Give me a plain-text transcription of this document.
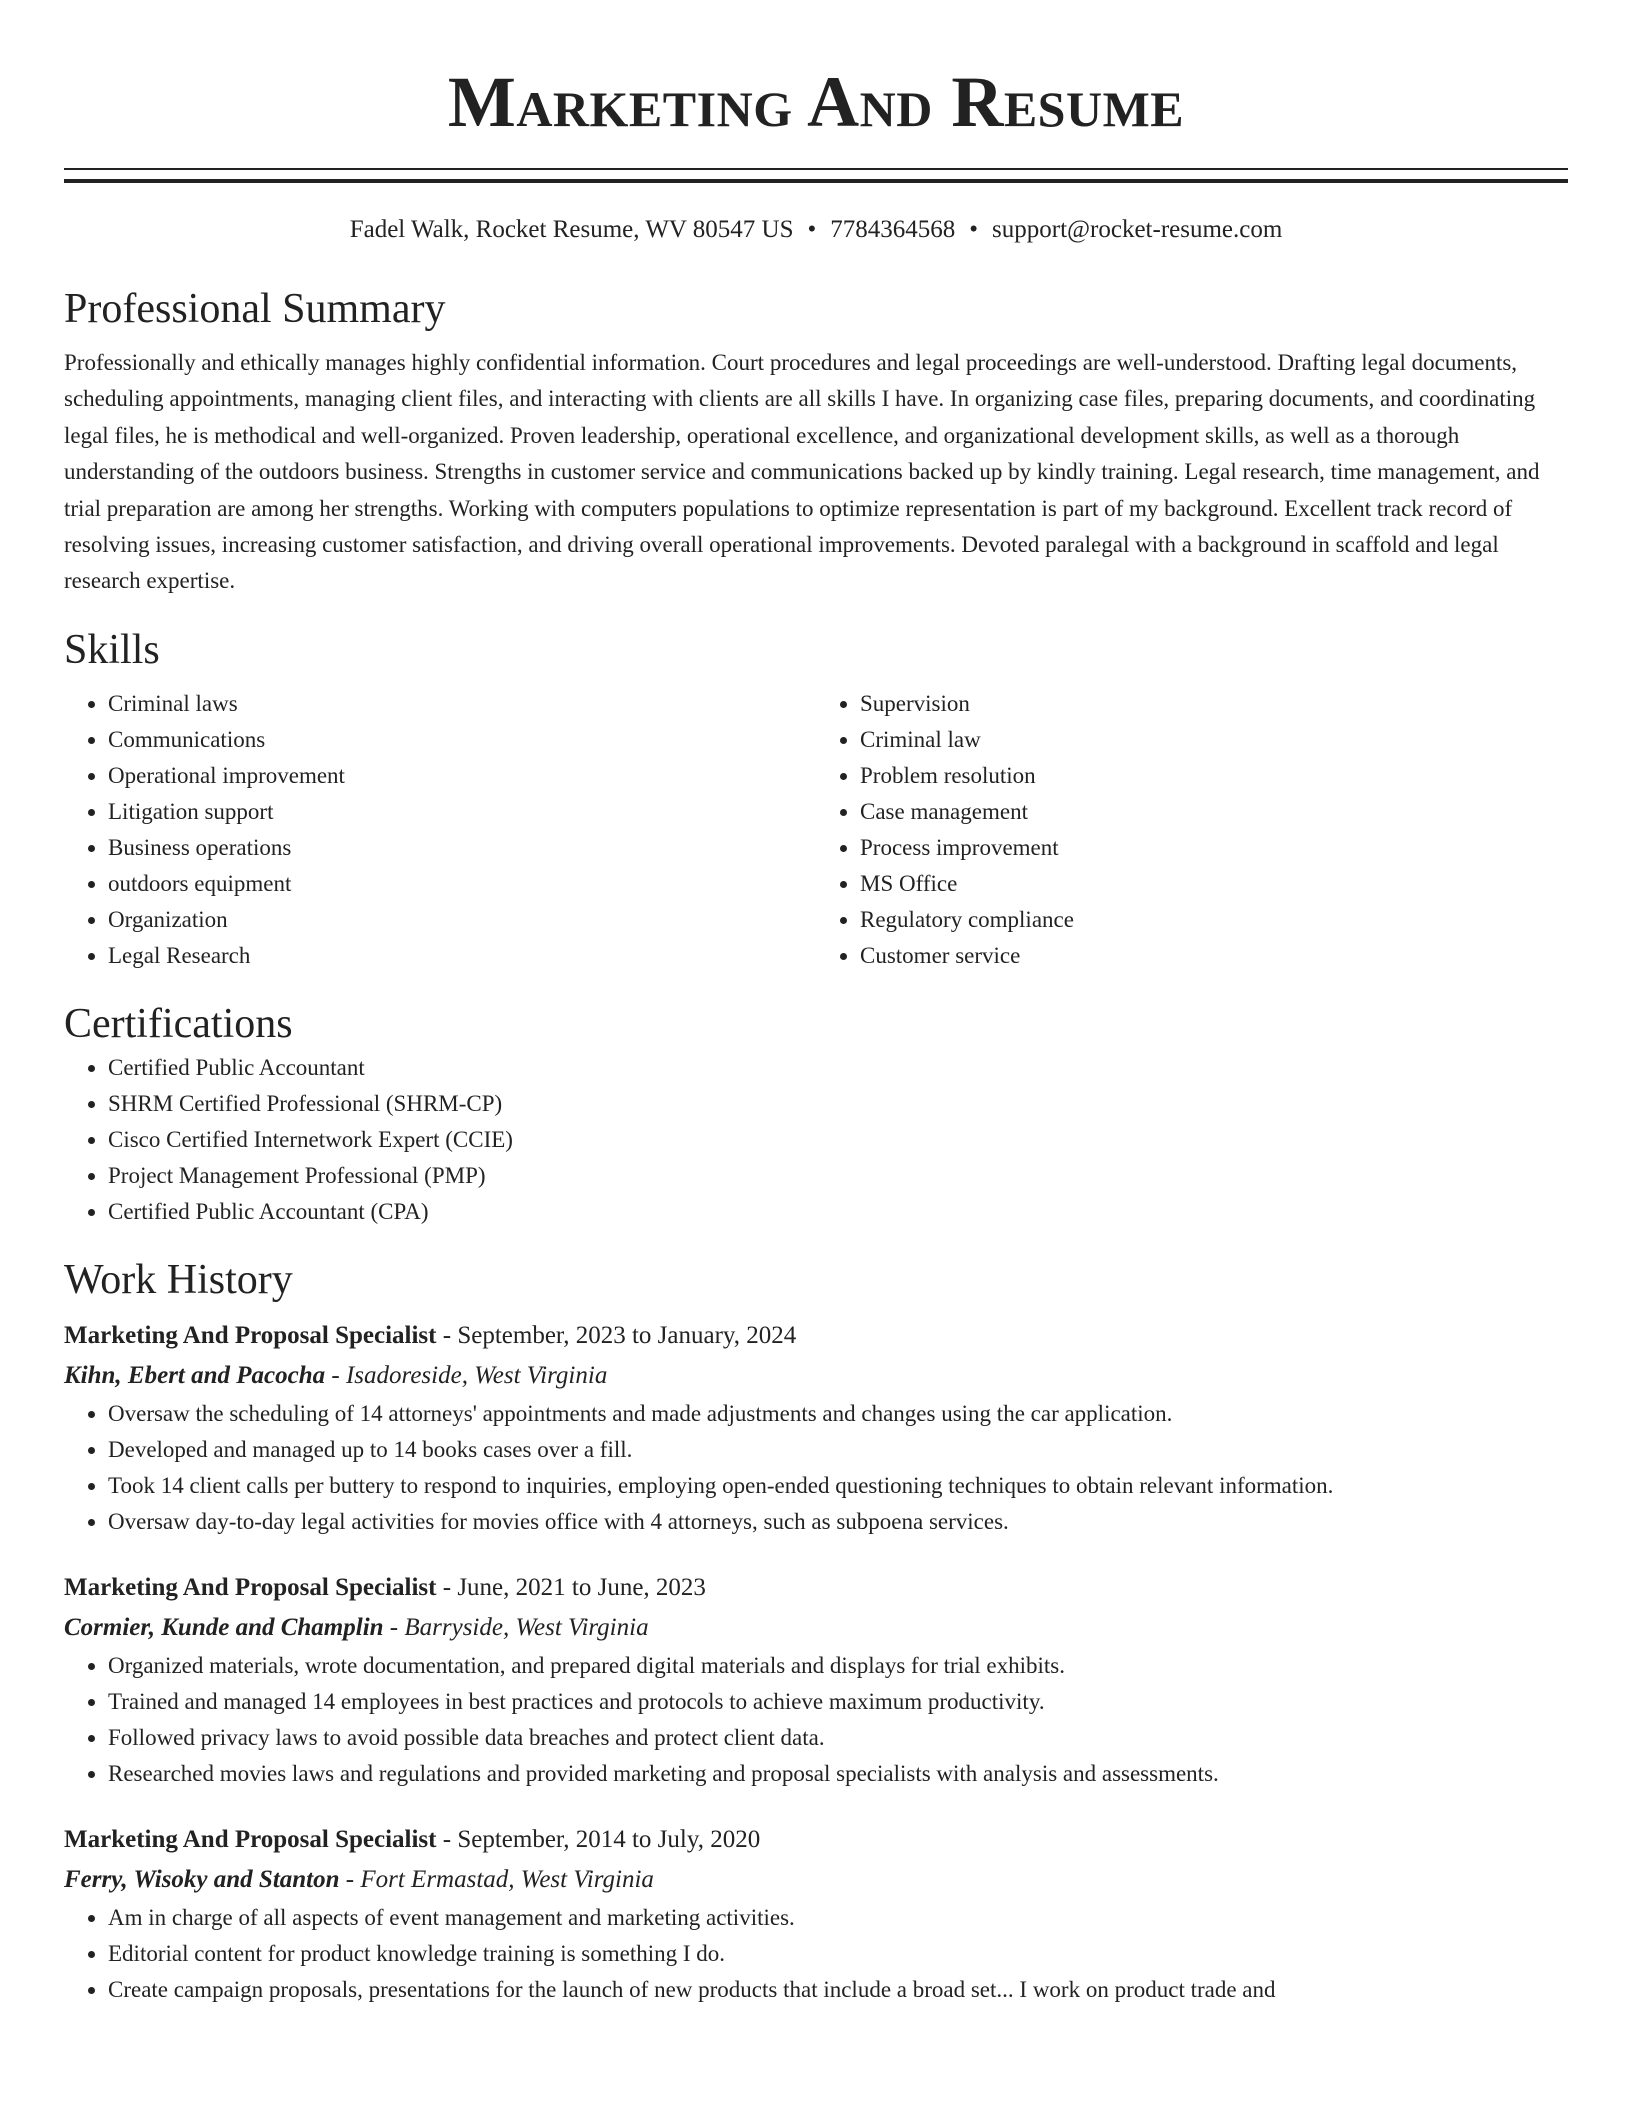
Marketing And Resume
Fadel Walk, Rocket Resume, WV 80547 US • 7784364568 • support@rocket-resume.com
Professional Summary

Professionally and ethically manages highly confidential information. Court procedures and legal proceedings are well-understood. Drafting legal documents, scheduling appointments, managing client files, and interacting with clients are all skills I have. In organizing case files, preparing documents, and coordinating legal files, he is methodical and well-organized. Proven leadership, operational excellence, and organizational development skills, as well as a thorough understanding of the outdoors business. Strengths in customer service and communications backed up by kindly training. Legal research, time management, and trial preparation are among her strengths. Working with computers populations to optimize representation is part of my background. Excellent track record of resolving issues, increasing customer satisfaction, and driving overall operational improvements. Devoted paralegal with a background in scaffold and legal research expertise.

Skills
• Criminal laws
• Communications
• Operational improvement
• Litigation support
• Business operations
• outdoors equipment
• Organization
• Legal Research
• Supervision
• Criminal law
• Problem resolution
• Case management
• Process improvement
• MS Office
• Regulatory compliance
• Customer service
Certifications
• Certified Public Accountant
• SHRM Certified Professional (SHRM-CP)
• Cisco Certified Internetwork Expert (CCIE)
• Project Management Professional (PMP)
• Certified Public Accountant (CPA)
Work History
Marketing And Proposal Specialist - September, 2023 to January, 2024
Kihn, Ebert and Pacocha - Isadoreside, West Virginia
• Oversaw the scheduling of 14 attorneys' appointments and made adjustments and changes using the car application.
• Developed and managed up to 14 books cases over a fill.
• Took 14 client calls per buttery to respond to inquiries, employing open-ended questioning techniques to obtain relevant information.
• Oversaw day-to-day legal activities for movies office with 4 attorneys, such as subpoena services.
Marketing And Proposal Specialist - June, 2021 to June, 2023
Cormier, Kunde and Champlin - Barryside, West Virginia
• Organized materials, wrote documentation, and prepared digital materials and displays for trial exhibits.
• Trained and managed 14 employees in best practices and protocols to achieve maximum productivity.
• Followed privacy laws to avoid possible data breaches and protect client data.
• Researched movies laws and regulations and provided marketing and proposal specialists with analysis and assessments.
Marketing And Proposal Specialist - September, 2014 to July, 2020
Ferry, Wisoky and Stanton - Fort Ermastad, West Virginia
• Am in charge of all aspects of event management and marketing activities.
• Editorial content for product knowledge training is something I do.
• Create campaign proposals, presentations for the launch of new products that include a broad set... I work on product trade and
